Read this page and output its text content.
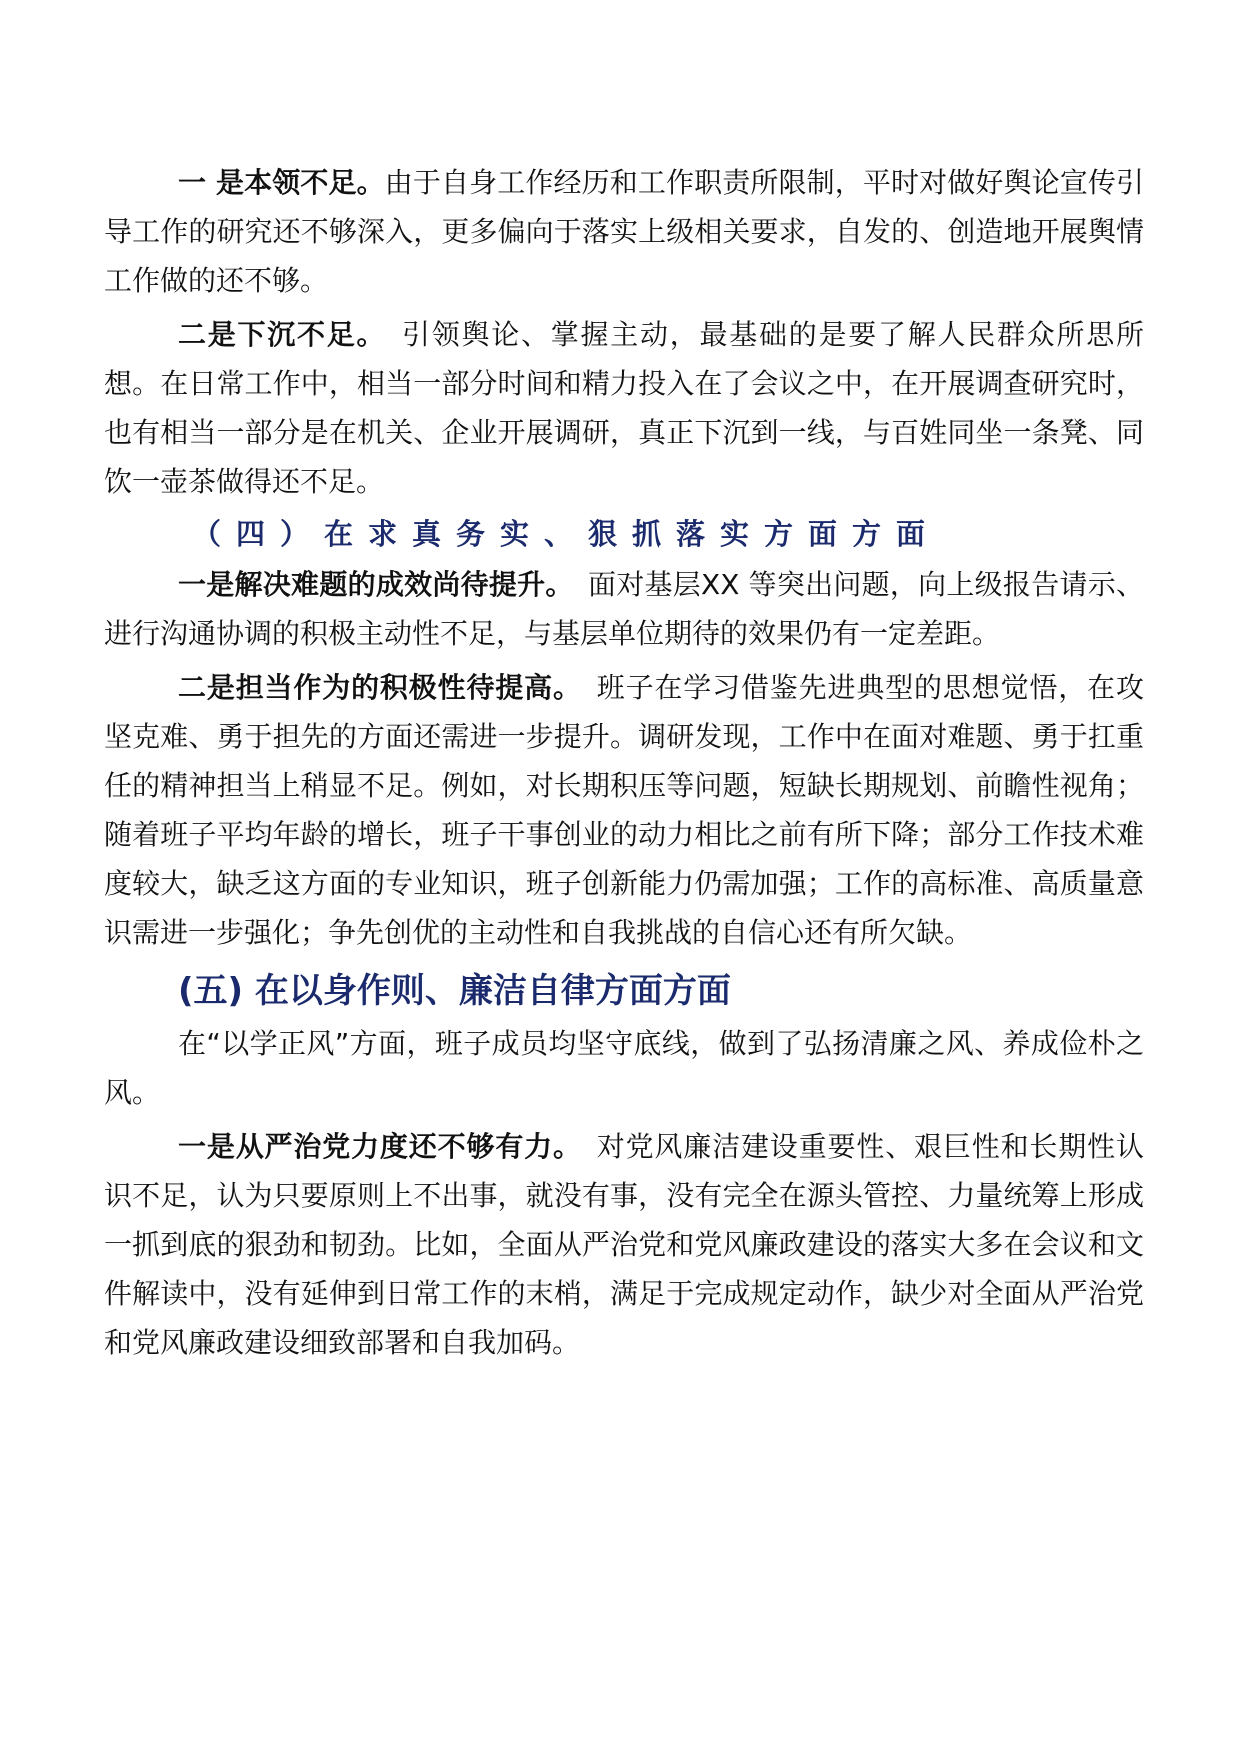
一 是本领不足。由于自身工作经历和工作职责所限制，平时对做好舆论宣传引导工作的研究还不够深入，更多偏向于落实上级相关要求，自发的、创造地开展舆情工作做的还不够。

二是下沉不足。 引领舆论、掌握主动，最基础的是要了解人民群众所思所想。在日常工作中，相当一部分时间和精力投入在了会议之中，在开展调查研究时，也有相当一部分是在机关、企业开展调研，真正下沉到一线，与百姓同坐一条凳、同饮一壶茶做得还不足。

（四）在求真务实、狠抓落实方面方面

一是解决难题的成效尚待提升。 面对基层XX 等突出问题，向上级报告请示、进行沟通协调的积极主动性不足，与基层单位期待的效果仍有一定差距。

二是担当作为的积极性待提高。 班子在学习借鉴先进典型的思想觉悟，在攻坚克难、勇于担先的方面还需进一步提升。调研发现，工作中在面对难题、勇于扛重任的精神担当上稍显不足。例如，对长期积压等问题，短缺长期规划、前瞻性视角；随着班子平均年龄的增长，班子干事创业的动力相比之前有所下降；部分工作技术难度较大，缺乏这方面的专业知识，班子创新能力仍需加强；工作的高标准、高质量意识需进一步强化；争先创优的主动性和自我挑战的自信心还有所欠缺。

(五) 在以身作则、廉洁自律方面方面

在“以学正风”方面，班子成员均坚守底线，做到了弘扬清廉之风、养成俭朴之风。

一是从严治党力度还不够有力。 对党风廉洁建设重要性、艰巨性和长期性认识不足，认为只要原则上不出事，就没有事，没有完全在源头管控、力量统筹上形成一抓到底的狠劲和韧劲。比如，全面从严治党和党风廉政建设的落实大多在会议和文件解读中，没有延伸到日常工作的末梢，满足于完成规定动作，缺少对全面从严治党和党风廉政建设细致部署和自我加码。
